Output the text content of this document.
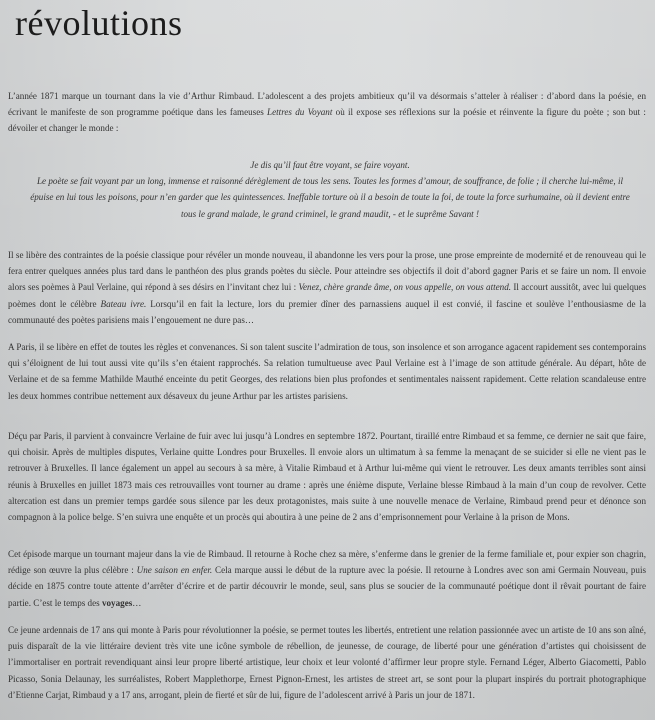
révolutions

L’année 1871 marque un tournant dans la vie d’Arthur Rimbaud. L’adolescent a des projets ambitieux qu’il va désormais s’atteler à réaliser : d’abord dans la poésie, en écrivant le manifeste de son programme poétique dans les fameuses Lettres du Voyant où il expose ses réflexions sur la poésie et réinvente la figure du poète ; son but : dévoiler et changer le monde :

Je dis qu’il faut être voyant, se faire voyant.
Le poète se fait voyant par un long, immense et raisonné dérèglement de tous les sens. Toutes les formes d’amour, de souffrance, de folie ; il cherche lui-même, il épuise en lui tous les poisons, pour n’en garder que les quintessences. Ineffable torture où il a besoin de toute la foi, de toute la force surhumaine, où il devient entre tous le grand malade, le grand criminel, le grand maudit, - et le suprême Savant !

Il se libère des contraintes de la poésie classique pour révéler un monde nouveau, il abandonne les vers pour la prose, une prose empreinte de modernité et de renouveau qui le fera entrer quelques années plus tard dans le panthéon des plus grands poètes du siècle. Pour atteindre ses objectifs il doit d’abord gagner Paris et se faire un nom. Il envoie alors ses poèmes à Paul Verlaine, qui répond à ses désirs en l’invitant chez lui : Venez, chère grande âme, on vous appelle, on vous attend. Il accourt aussitôt, avec lui quelques poèmes dont le célèbre Bateau ivre. Lorsqu’il en fait la lecture, lors du premier dîner des parnassiens auquel il est convié, il fascine et soulève l’enthousiasme de la communauté des poètes parisiens mais l’engouement ne dure pas…

A Paris, il se libère en effet de toutes les règles et convenances. Si son talent suscite l’admiration de tous, son insolence et son arrogance agacent rapidement ses contemporains qui s’éloignent de lui tout aussi vite qu’ils s’en étaient rapprochés. Sa relation tumultueuse avec Paul Verlaine est à l’image de son attitude générale. Au départ, hôte de Verlaine et de sa femme Mathilde Mauthé enceinte du petit Georges, des relations bien plus profondes et sentimentales naissent rapidement. Cette relation scandaleuse entre les deux hommes contribue nettement aux désaveux du jeune Arthur par les artistes parisiens.

Déçu par Paris, il parvient à convaincre Verlaine de fuir avec lui jusqu’à Londres en septembre 1872. Pourtant, tiraillé entre Rimbaud et sa femme, ce dernier ne sait que faire, qui choisir. Après de multiples disputes, Verlaine quitte Londres pour Bruxelles. Il envoie alors un ultimatum à sa femme la menaçant de se suicider si elle ne vient pas le retrouver à Bruxelles. Il lance également un appel au secours à sa mère, à Vitalie Rimbaud et à Arthur lui-même qui vient le retrouver. Les deux amants terribles sont ainsi réunis à Bruxelles en juillet 1873 mais ces retrouvailles vont tourner au drame : après une énième dispute, Verlaine blesse Rimbaud à la main d’un coup de revolver. Cette altercation est dans un premier temps gardée sous silence par les deux protagonistes, mais suite à une nouvelle menace de Verlaine, Rimbaud prend peur et dénonce son compagnon à la police belge. S’en suivra une enquête et un procès qui aboutira à une peine de 2 ans d’emprisonnement pour Verlaine à la prison de Mons.

Cet épisode marque un tournant majeur dans la vie de Rimbaud. Il retourne à Roche chez sa mère, s’enferme dans le grenier de la ferme familiale et, pour expier son chagrin, rédige son œuvre la plus célèbre : Une saison en enfer. Cela marque aussi le début de la rupture avec la poésie. Il retourne à Londres avec son ami Germain Nouveau, puis décide en 1875 contre toute attente d’arrêter d’écrire et de partir découvrir le monde, seul, sans plus se soucier de la communauté poétique dont il rêvait pourtant de faire partie. C’est le temps des voyages…

Ce jeune ardennais de 17 ans qui monte à Paris pour révolutionner la poésie, se permet toutes les libertés, entretient une relation passionnée avec un artiste de 10 ans son aîné, puis disparaît de la vie littéraire devient très vite une icône symbole de rébellion, de jeunesse, de courage, de liberté pour une génération d’artistes qui choisissent de l’immortaliser en portrait revendiquant ainsi leur propre liberté artistique, leur choix et leur volonté d’affirmer leur propre style. Fernand Léger, Alberto Giacometti, Pablo Picasso, Sonia Delaunay, les surréalistes, Robert Mapplethorpe, Ernest Pignon-Ernest, les artistes de street art, se sont pour la plupart inspirés du portrait photographique d’Etienne Carjat, Rimbaud y a 17 ans, arrogant, plein de fierté et sûr de lui, figure de l’adolescent arrivé à Paris un jour de 1871.
